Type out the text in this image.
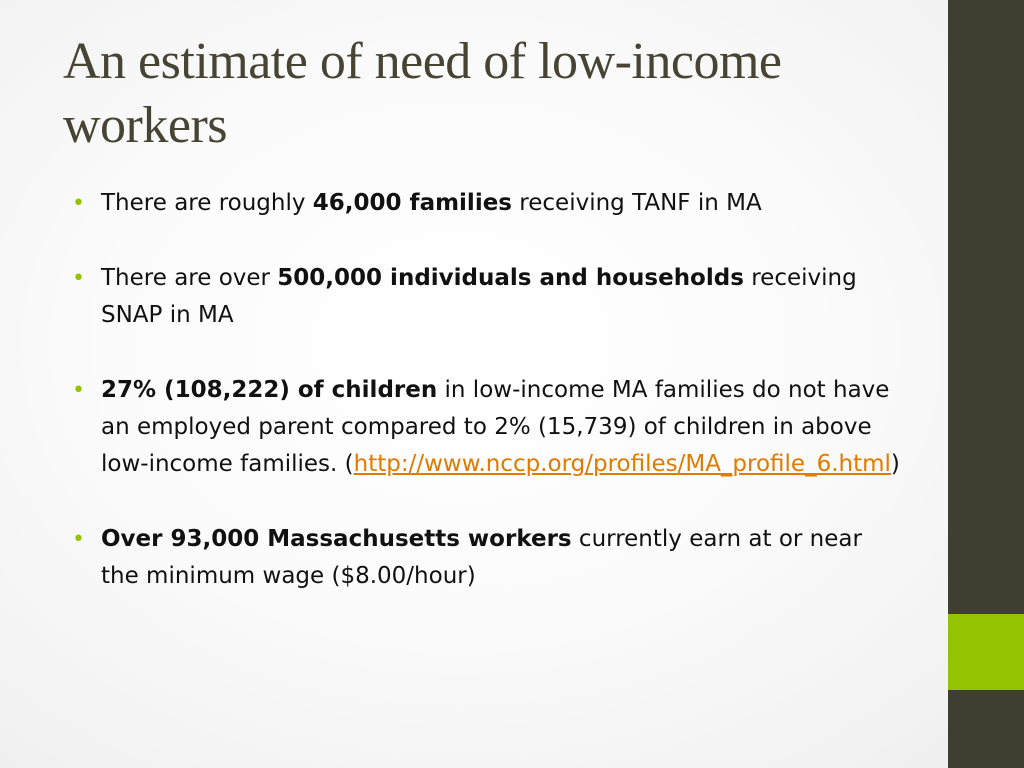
An estimate of need of low-income workers
• There are roughly 46,000 families receiving TANF in MA
• There are over 500,000 individuals and households receiving SNAP in MA
• 27% (108,222) of children in low-income MA families do not have an employed parent compared to 2% (15,739) of children in above low-income families. (http://www.nccp.org/profiles/MA_profile_6.html)
• Over 93,000 Massachusetts workers currently earn at or near the minimum wage ($8.00/hour)
